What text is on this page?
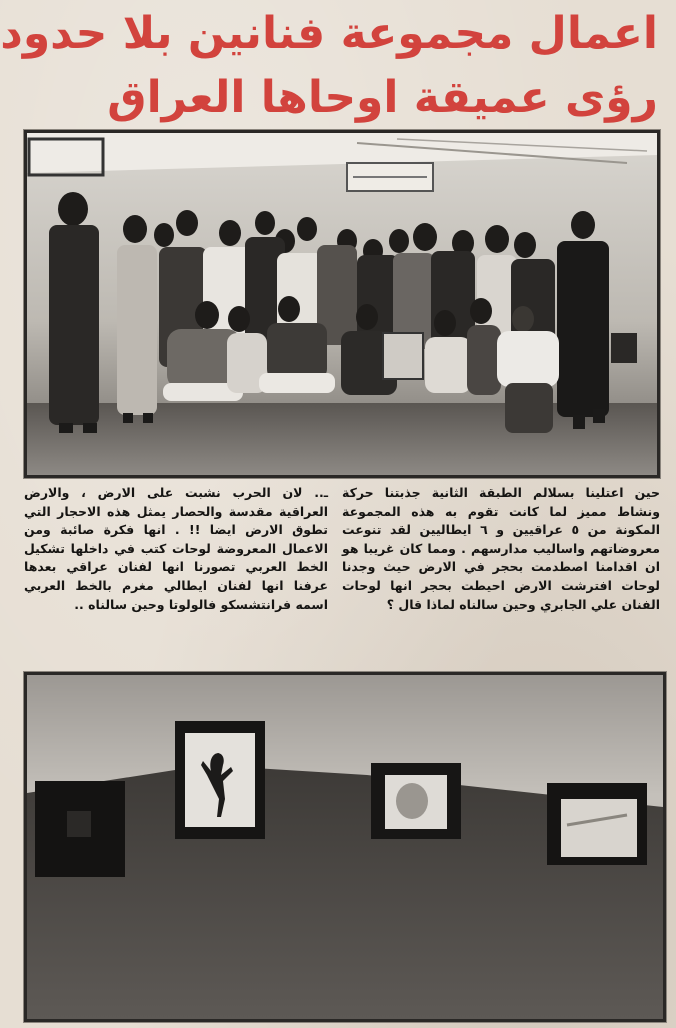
اعمال مجموعة فنانين بلا حدود
رؤى عميقة اوحاها العراق

حين اعتلينا بسلالم الطبقة الثانية جذبتنا حركة ونشاط مميز لما كانت تقوم به هذه المجموعة المكونة من ٥ عراقيين و ٦ ايطاليين لقد تنوعت معروضاتهم واساليب مدارسهم . ومما كان غريبا هو ان اقدامنا اصطدمت بحجر في الارض حيث وجدنا لوحات افترشت الارض احيطت بحجر انها لوحات الفنان علي الجابري وحين سالناه لماذا قال ؟

ـ.. لان الحرب نشبت على الارض ، والارض العراقية مقدسة والحصار يمثل هذه الاحجار التي تطوق الارض ايضا !! . انها فكرة صائبة ومن الاعمال المعروضة لوحات كتب في داخلها تشكيل الخط العربي تصورنا انها لفنان عراقي بعدها عرفنا انها لفنان ايطالي مغرم بالخط العربي اسمه فرانتشسكو فالولوتا وحين سالناه ..
